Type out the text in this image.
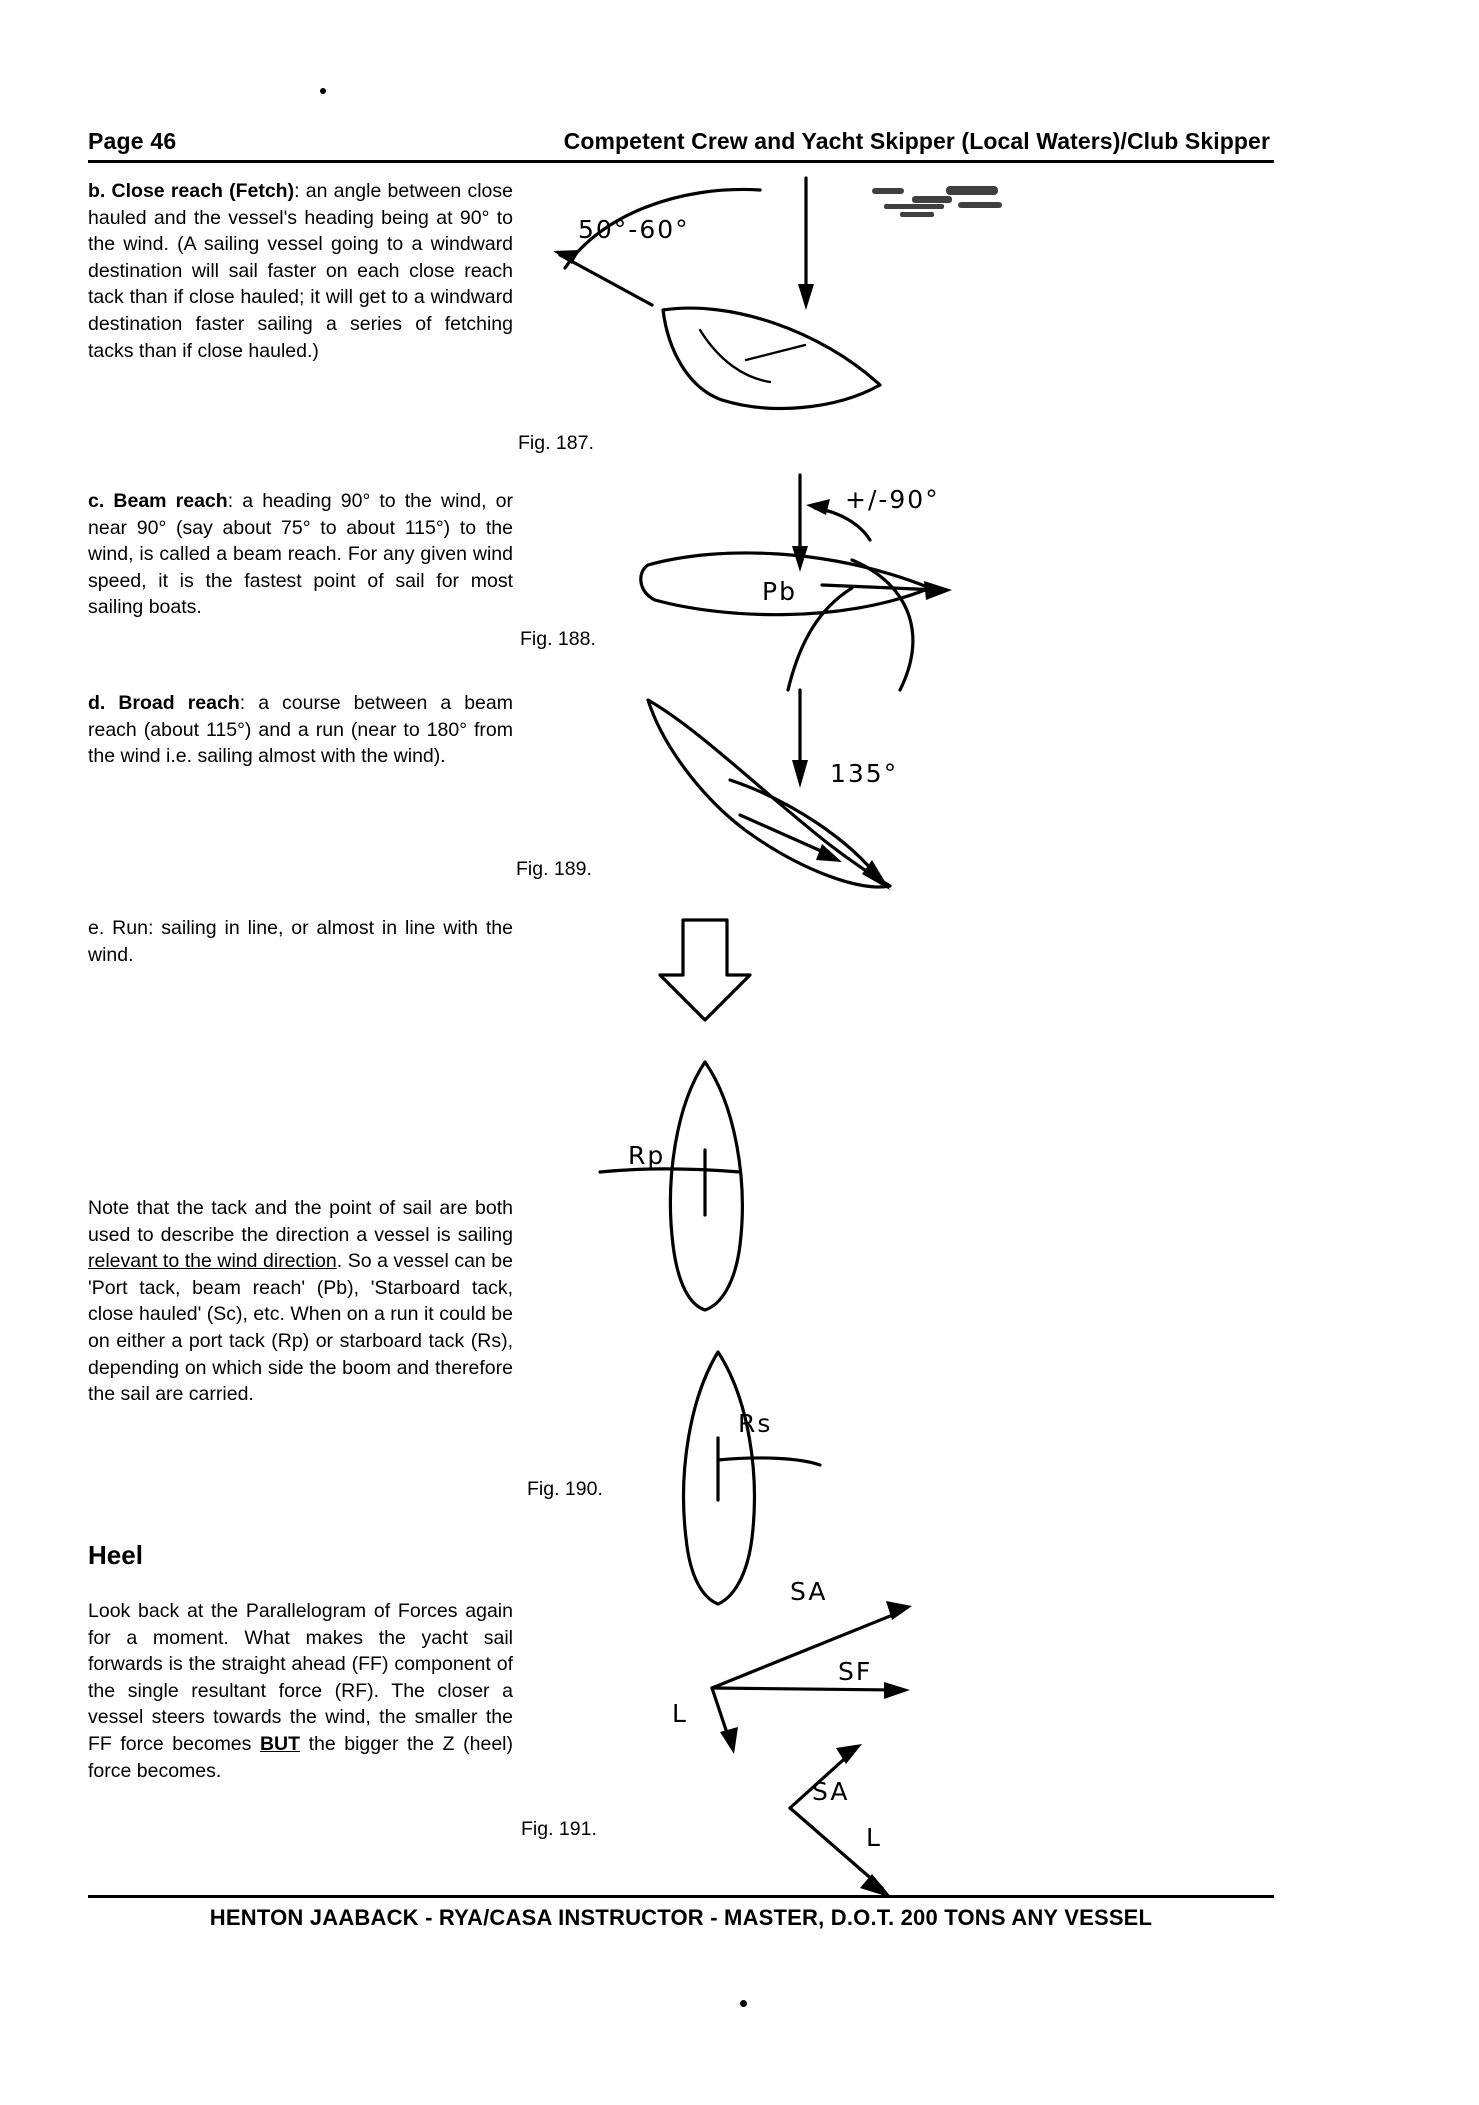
Page 46	Competent Crew and Yacht Skipper (Local Waters)/Club Skipper
b. Close reach (Fetch): an angle between close hauled and the vessel's heading being at 90° to the wind. (A sailing vessel going to a windward destination will sail faster on each close reach tack than if close hauled; it will get to a windward destination faster sailing a series of fetching tacks than if close hauled.)
c. Beam reach: a heading 90° to the wind, or near 90° (say about 75° to about 115°) to the wind, is called a beam reach. For any given wind speed, it is the fastest point of sail for most sailing boats.
d. Broad reach: a course between a beam reach (about 115°) and a run (near to 180° from the wind i.e. sailing almost with the wind).
e. Run: sailing in line, or almost in line with the wind.
Note that the tack and the point of sail are both used to describe the direction a vessel is sailing relevant to the wind direction. So a vessel can be 'Port tack, beam reach' (Pb), 'Starboard tack, close hauled' (Sc), etc. When on a run it could be on either a port tack (Rp) or starboard tack (Rs), depending on which side the boom and therefore the sail are carried.
Heel
Look back at the Parallelogram of Forces again for a moment. What makes the yacht sail forwards is the straight ahead (FF) component of the single resultant force (RF). The closer a vessel steers towards the wind, the smaller the FF force becomes BUT the bigger the Z (heel) force becomes.
Fig. 187.
Fig. 188.
Fig. 189.
Fig. 190.
Fig. 191.
50°-60°
+/-90°
Pb
135°
Rp
Rs
SA
SF
L
SA
L
HENTON JAABACK - RYA/CASA INSTRUCTOR - MASTER, D.O.T. 200 TONS ANY VESSEL
